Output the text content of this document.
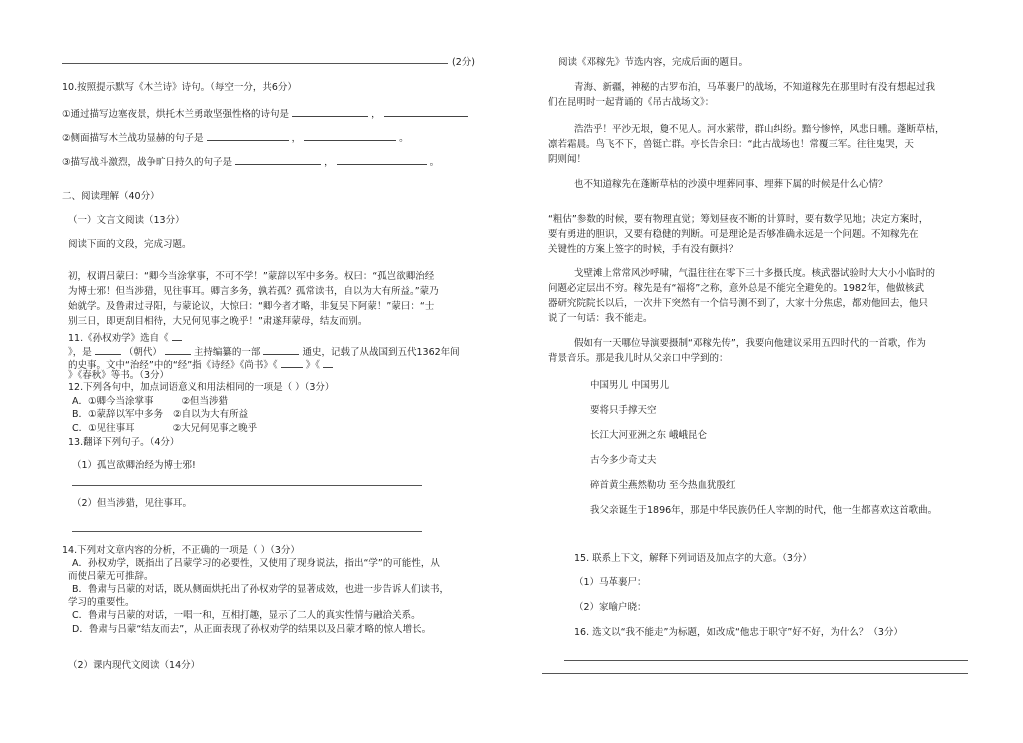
(2分)
10.按照提示默写《木兰诗》诗句。（每空一分，共6分）
①通过描写边塞夜景，烘托木兰勇敢坚强性格的诗句是	，
②侧面描写木兰战功显赫的句子是	，	。
③描写战斗激烈，战争旷日持久的句子是	，	。
二、阅读理解（40分）
（一）文言文阅读（13分）
阅读下面的文段，完成习题。
初，权谓吕蒙曰：“卿今当涂掌事，不可不学！”蒙辞以军中多务。权曰：“孤岂欲卿治经
为博士邪！但当涉猎，见往事耳。卿言多务，孰若孤？孤常读书，自以为大有所益。”蒙乃
始就学。及鲁肃过寻阳，与蒙论议，大惊曰：“卿今者才略，非复吴下阿蒙！”蒙曰：“士
别三日，即更刮目相待，大兄何见事之晚乎！”肃遂拜蒙母，结友而别。
11.《孙权劝学》选自《
》，是	（朝代）	主持编纂的一部	通史，记载了从战国到五代1362年间
的史事。文中“治经”中的“经”指《诗经》《尚书》《	》《
》《春秋》等书。（3分）
12.下列各句中，加点词语意义和用法相同的一项是（ ）（3分）
A．①卿今当涂掌事	②但当涉猎
B．①蒙辞以军中多务 ②自以为大有所益
C．①见往事耳	②大兄何见事之晚乎
13.翻译下列句子。（4分）
（1）孤岂欲卿治经为博士邪!
（2）但当涉猎，见往事耳。
14.下列对文章内容的分析，不正确的一项是（ ）（3分）
A．孙权劝学，既指出了吕蒙学习的必要性，又使用了现身说法，指出“学”的可能性，从
而使吕蒙无可推辞。
B．鲁肃与吕蒙的对话，既从侧面烘托出了孙权劝学的显著成效，也进一步告诉人们读书，
学习的重要性。
C．鲁肃与吕蒙的对话，一唱一和，互相打趣，显示了二人的真实性情与融洽关系。
D．鲁肃与吕蒙“结友而去”，从正面表现了孙权劝学的结果以及吕蒙才略的惊人增长。
（2）课内现代文阅读（14分）
阅读《邓稼先》节选内容，完成后面的题目。
青海、新疆，神秘的古罗布泊，马革裹尸的战场，不知道稼先在那里时有没有想起过我
们在昆明时一起背诵的《吊古战场文》：
浩浩乎！平沙无垠，敻不见人。河水萦带，群山纠纷。黯兮惨悴，风悲日曛。蓬断草枯，
凛若霜晨。鸟飞不下，兽铤亡群。亭长告余曰：“此古战场也！常覆三军。往往鬼哭，天
阴则闻！
也不知道稼先在蓬断草枯的沙漠中埋葬同事、埋葬下属的时候是什么心情？
“粗估”参数的时候，要有物理直觉；筹划昼夜不断的计算时，要有数学见地；决定方案时，
要有勇进的胆识，又要有稳健的判断。可是理论是否够准确永远是一个问题。不知稼先在
关键性的方案上签字的时候，手有没有颤抖？
戈壁滩上常常风沙呼啸，气温往往在零下三十多摄氏度。核武器试验时大大小小临时的
问题必定层出不穷。稼先是有“福将”之称，意外总是不能完全避免的。1982年，他做核武
器研究院院长以后，一次井下突然有一个信号测不到了，大家十分焦虑，都劝他回去，他只
说了一句话：我不能走。
假如有一天哪位导演要摄制“邓稼先传”，我要向他建议采用五四时代的一首歌，作为
背景音乐。那是我儿时从父亲口中学到的：
中国男儿 中国男儿
要将只手撑天空
长江大河亚洲之东 峨峨昆仑
古今多少奇丈夫
碎首黄尘燕然勒功 至今热血犹殷红
我父亲诞生于1896年，那是中华民族仍任人宰割的时代，他一生都喜欢这首歌曲。
15. 联系上下文，解释下列词语及加点字的大意。（3分）
（1）马革裹尸：
（2）家喻户晓：
16. 选文以“我不能走”为标题，如改成“他忠于职守”好不好，为什么？（3分）
